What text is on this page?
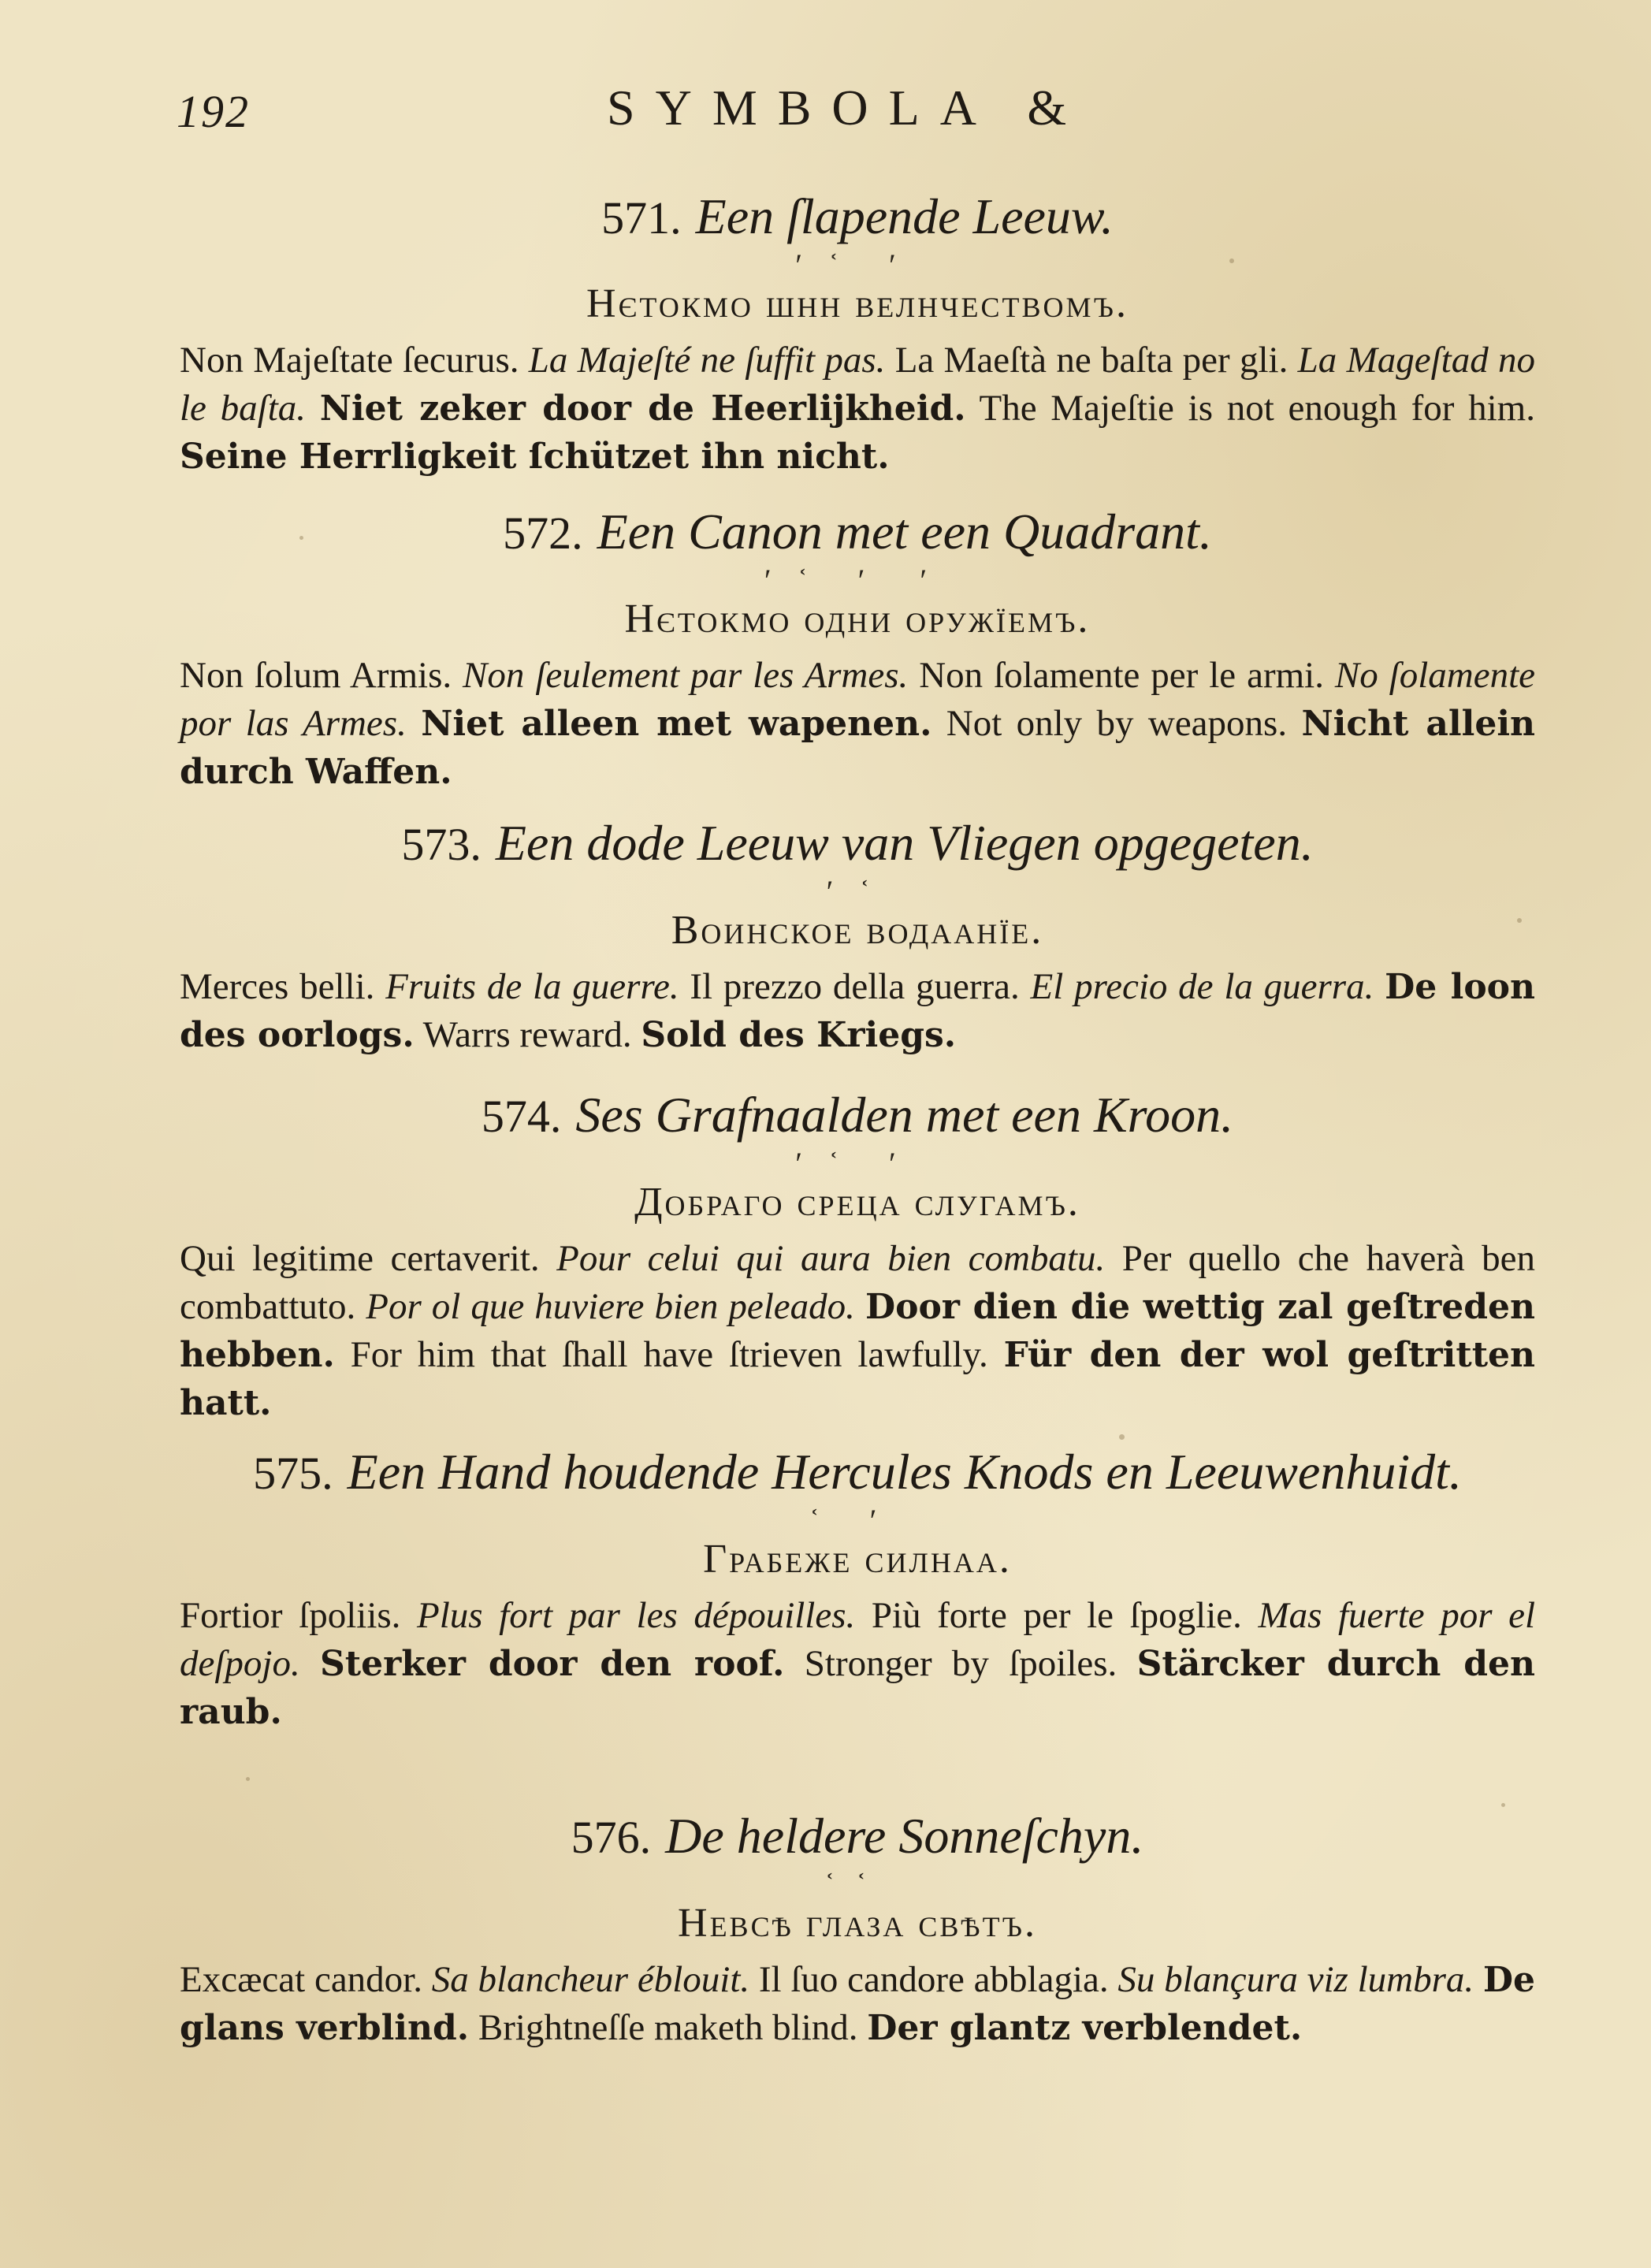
192	SYMBOLA &
571. Een ſlapende Leeuw.
ʹ ᷾ ʹ
Нєтокмо шнн велнчествомъ.
Non Majeſtate ſecurus. La Majeſté ne ſuffit pas. La Maeſtà ne baſta per gli. La Mageſtad no le baſta. Niet zeker door de Heerlijkheid. The Majeſtie is not enough for him. Seine Herrligkeit ſchützet ihn nicht.
572. Een Canon met een Quadrant.
ʹ ᷾ ʹ ʹ
Нєтокмо одни оружїемъ.
Non ſolum Armis. Non ſeulement par les Armes. Non ſolamente per le armi. No ſolamente por las Armes. Niet alleen met wapenen. Not only by weapons. Nicht allein durch Waffen.
573. Een dode Leeuw van Vliegen opgegeten.
ʹ ᷾
Воинское водаанїе.
Merces belli. Fruits de la guerre. Il prezzo della guerra. El precio de la guerra. De loon des oorlogs. Warrs reward. Sold des Kriegs.
574. Ses Grafnaalden met een Kroon.
ʹ ᷾ ʹ
Добраго среца слугамъ.
Qui legitime certaverit. Pour celui qui aura bien combatu. Per quello che haverà ben combattuto. Por ol que huviere bien peleado. Door dien die wettig zal geſtreden hebben. For him that ſhall have ſtrieven lawfully. Für den der wol geſtritten hatt.
575. Een Hand houdende Hercules Knods en Leeuwenhuidt.
᷾ ʹ
Грабеже силнаа.
Fortior ſpoliis. Plus fort par les dépouilles. Più forte per le ſpoglie. Mas fuerte por el deſpojo. Sterker door den roof. Stronger by ſpoiles. Stärcker durch den raub.
576. De heldere Sonneſchyn.
᷾ ᷾
Невсѣ глаза свѣтъ.
Excæcat candor. Sa blancheur éblouit. Il ſuo candore abblagia. Su blançura viz lumbra. De glans verblind. Brightneſſe maketh blind. Der glantz verblendet.
